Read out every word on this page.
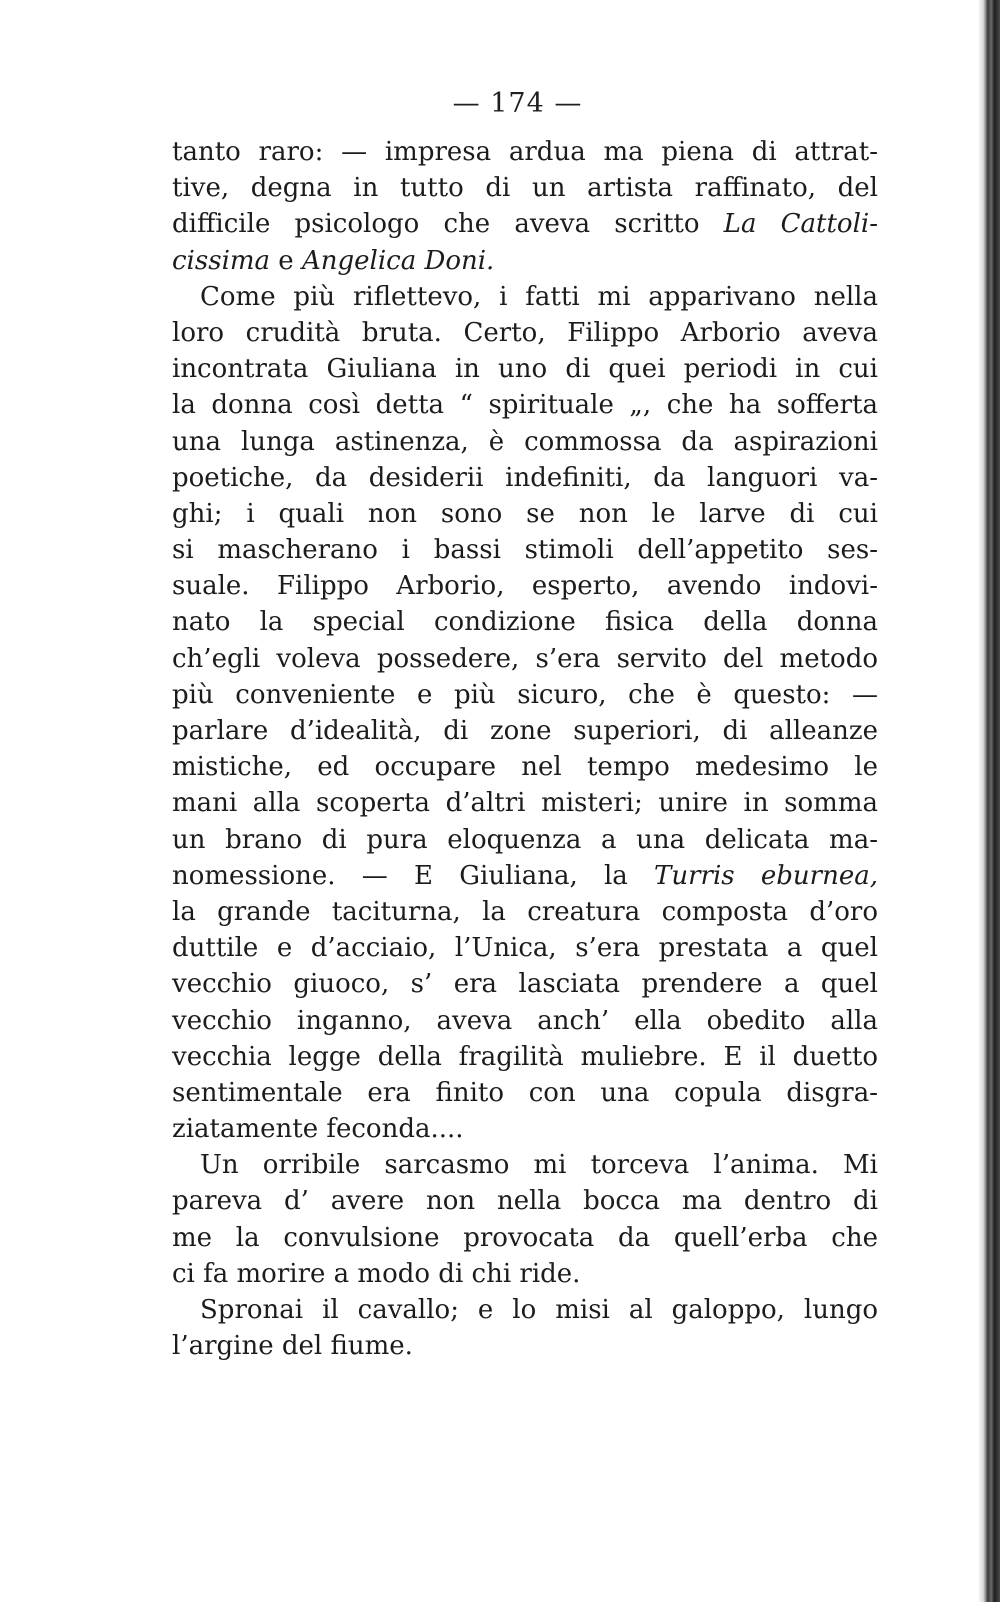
— 174 —
tanto raro: — impresa ardua ma piena di attrat-
tive, degna in tutto di un artista raffinato, del
difficile psicologo che aveva scritto La Cattoli-
cissima e Angelica Doni.
Come più riflettevo, i fatti mi apparivano nella
loro crudità bruta. Certo, Filippo Arborio aveva
incontrata Giuliana in uno di quei periodi in cui
la donna così detta “ spirituale „, che ha sofferta
una lunga astinenza, è commossa da aspirazioni
poetiche, da desiderii indefiniti, da languori va-
ghi; i quali non sono se non le larve di cui
si mascherano i bassi stimoli dell’appetito ses-
suale. Filippo Arborio, esperto, avendo indovi-
nato la special condizione fisica della donna
ch’egli voleva possedere, s’era servito del metodo
più conveniente e più sicuro, che è questo: —
parlare d’idealità, di zone superiori, di alleanze
mistiche, ed occupare nel tempo medesimo le
mani alla scoperta d’altri misteri; unire in somma
un brano di pura eloquenza a una delicata ma-
nomessione. — E Giuliana, la Turris eburnea,
la grande taciturna, la creatura composta d’oro
duttile e d’acciaio, l’Unica, s’era prestata a quel
vecchio giuoco, s’ era lasciata prendere a quel
vecchio inganno, aveva anch’ ella obedito alla
vecchia legge della fragilità muliebre. E il duetto
sentimentale era finito con una copula disgra-
ziatamente feconda....
Un orribile sarcasmo mi torceva l’anima. Mi
pareva d’ avere non nella bocca ma dentro di
me la convulsione provocata da quell’erba che
ci fa morire a modo di chi ride.
Spronai il cavallo; e lo misi al galoppo, lungo
l’argine del fiume.
